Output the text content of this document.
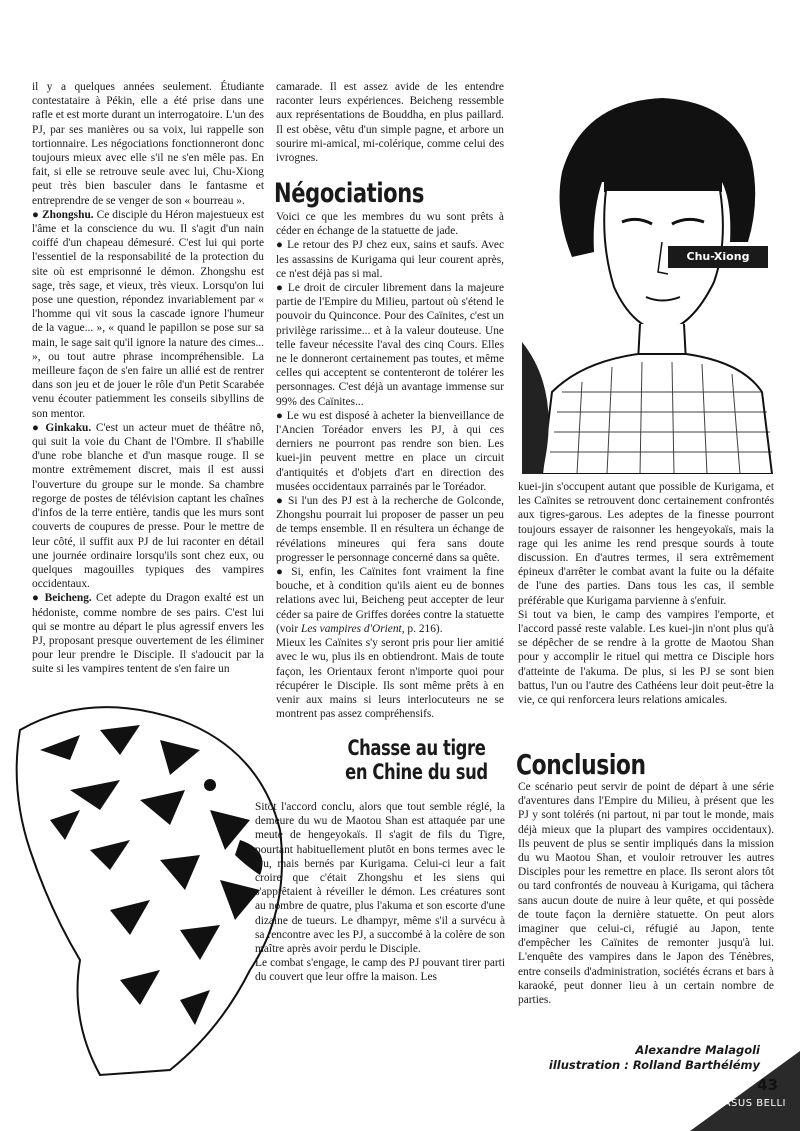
il y a quelques années seulement. Étudiante contestataire à Pékin, elle a été prise dans une rafle et est morte durant un interrogatoire. L'un des PJ, par ses manières ou sa voix, lui rappelle son tortionnaire. Les négociations fonctionneront donc toujours mieux avec elle s'il ne s'en mêle pas. En fait, si elle se retrouve seule avec lui, Chu-Xiong peut très bien basculer dans le fantasme et entreprendre de se venger de son « bourreau ».

● Zhongshu. Ce disciple du Héron majestueux est l'âme et la conscience du wu. Il s'agit d'un nain coiffé d'un chapeau démesuré. C'est lui qui porte l'essentiel de la responsabilité de la protection du site où est emprisonné le démon. Zhongshu est sage, très sage, et vieux, très vieux. Lorsqu'on lui pose une question, répondez invariablement par « l'homme qui vit sous la cascade ignore l'humeur de la vague... », « quand le papillon se pose sur sa main, le sage sait qu'il ignore la nature des cimes... », ou tout autre phrase incompréhensible. La meilleure façon de s'en faire un allié est de rentrer dans son jeu et de jouer le rôle d'un Petit Scarabée venu écouter patiemment les conseils sibyllins de son mentor.

● Ginkaku. C'est un acteur muet de théâtre nô, qui suit la voie du Chant de l'Ombre. Il s'habille d'une robe blanche et d'un masque rouge. Il se montre extrêmement discret, mais il est aussi l'ouverture du groupe sur le monde. Sa chambre regorge de postes de télévision captant les chaînes d'infos de la terre entière, tandis que les murs sont couverts de coupures de presse. Pour le mettre de leur côté, il suffit aux PJ de lui raconter en détail une journée ordinaire lorsqu'ils sont chez eux, ou quelques magouilles typiques des vampires occidentaux.

● Beicheng. Cet adepte du Dragon exalté est un hédoniste, comme nombre de ses pairs. C'est lui qui se montre au départ le plus agressif envers les PJ, proposant presque ouvertement de les éliminer pour leur prendre le Disciple. Il s'adoucit par la suite si les vampires tentent de s'en faire un

camarade. Il est assez avide de les entendre raconter leurs expériences. Beicheng ressemble aux représentations de Bouddha, en plus paillard. Il est obèse, vêtu d'un simple pagne, et arbore un sourire mi-amical, mi-colérique, comme celui des ivrognes.

Négociations

Voici ce que les membres du wu sont prêts à céder en échange de la statuette de jade.

● Le retour des PJ chez eux, sains et saufs. Avec les assassins de Kurigama qui leur courent après, ce n'est déjà pas si mal.

● Le droit de circuler librement dans la majeure partie de l'Empire du Milieu, partout où s'étend le pouvoir du Quinconce. Pour des Caïnites, c'est un privilège rarissime... et à la valeur douteuse. Une telle faveur nécessite l'aval des cinq Cours. Elles ne le donneront certainement pas toutes, et même celles qui acceptent se contenteront de tolérer les personnages. C'est déjà un avantage immense sur 99% des Caïnites...

● Le wu est disposé à acheter la bienveillance de l'Ancien Toréador envers les PJ, à qui ces derniers ne pourront pas rendre son bien. Les kuei-jin peuvent mettre en place un circuit d'antiquités et d'objets d'art en direction des musées occidentaux parrainés par le Toréador.

● Si l'un des PJ est à la recherche de Golconde, Zhongshu pourrait lui proposer de passer un peu de temps ensemble. Il en résultera un échange de révélations mineures qui fera sans doute progresser le personnage concerné dans sa quête.

● Si, enfin, les Caïnites font vraiment la fine bouche, et à condition qu'ils aient eu de bonnes relations avec lui, Beicheng peut accepter de leur céder sa paire de Griffes dorées contre la statuette (voir Les vampires d'Orient, p. 216).

Mieux les Caïnites s'y seront pris pour lier amitié avec le wu, plus ils en obtiendront. Mais de toute façon, les Orientaux feront n'importe quoi pour récupérer le Disciple. Ils sont même prêts à en venir aux mains si leurs interlocuteurs ne se montrent pas assez compréhensifs.

Chu-Xiong
Chasse au tigre
en Chine du sud

Sitôt l'accord conclu, alors que tout semble réglé, la demeure du wu de Maotou Shan est attaquée par une meute de hengeyokaïs. Il s'agit de fils du Tigre, pourtant habituellement plutôt en bons termes avec le wu, mais bernés par Kurigama. Celui-ci leur a fait croire que c'était Zhongshu et les siens qui s'apprêtaient à réveiller le démon. Les créatures sont au nombre de quatre, plus l'akuma et son escorte d'une dizaine de tueurs. Le dhampyr, même s'il a survécu à sa rencontre avec les PJ, a succombé à la colère de son maître après avoir perdu le Disciple.

Le combat s'engage, le camp des PJ pouvant tirer parti du couvert que leur offre la maison. Les

kuei-jin s'occupent autant que possible de Kurigama, et les Caïnites se retrouvent donc certainement confrontés aux tigres-garous. Les adeptes de la finesse pourront toujours essayer de raisonner les hengeyokaïs, mais la rage qui les anime les rend presque sourds à toute discussion. En d'autres termes, il sera extrêmement épineux d'arrêter le combat avant la fuite ou la défaite de l'une des parties. Dans tous les cas, il semble préférable que Kurigama parvienne à s'enfuir.

Si tout va bien, le camp des vampires l'emporte, et l'accord passé reste valable. Les kuei-jin n'ont plus qu'à se dépêcher de se rendre à la grotte de Maotou Shan pour y accomplir le rituel qui mettra ce Disciple hors d'atteinte de l'akuma. De plus, si les PJ se sont bien battus, l'un ou l'autre des Cathéens leur doit peut-être la vie, ce qui renforcera leurs relations amicales.

Conclusion

Ce scénario peut servir de point de départ à une série d'aventures dans l'Empire du Milieu, à présent que les PJ y sont tolérés (ni partout, ni par tout le monde, mais déjà mieux que la plupart des vampires occidentaux). Ils peuvent de plus se sentir impliqués dans la mission du wu Maotou Shan, et vouloir retrouver les autres Disciples pour les remettre en place. Ils seront alors tôt ou tard confrontés de nouveau à Kurigama, qui tâchera sans aucun doute de nuire à leur quête, et qui possède de toute façon la dernière statuette. On peut alors imaginer que celui-ci, réfugié au Japon, tente d'empêcher les Caïnites de remonter jusqu'à lui. L'enquête des vampires dans le Japon des Ténèbres, entre conseils d'administration, sociétés écrans et bars à karaoké, peut donner lieu à un certain nombre de parties.

Alexandre Malagoli
illustration : Rolland Barthélémy
43
CASUS BELLI
